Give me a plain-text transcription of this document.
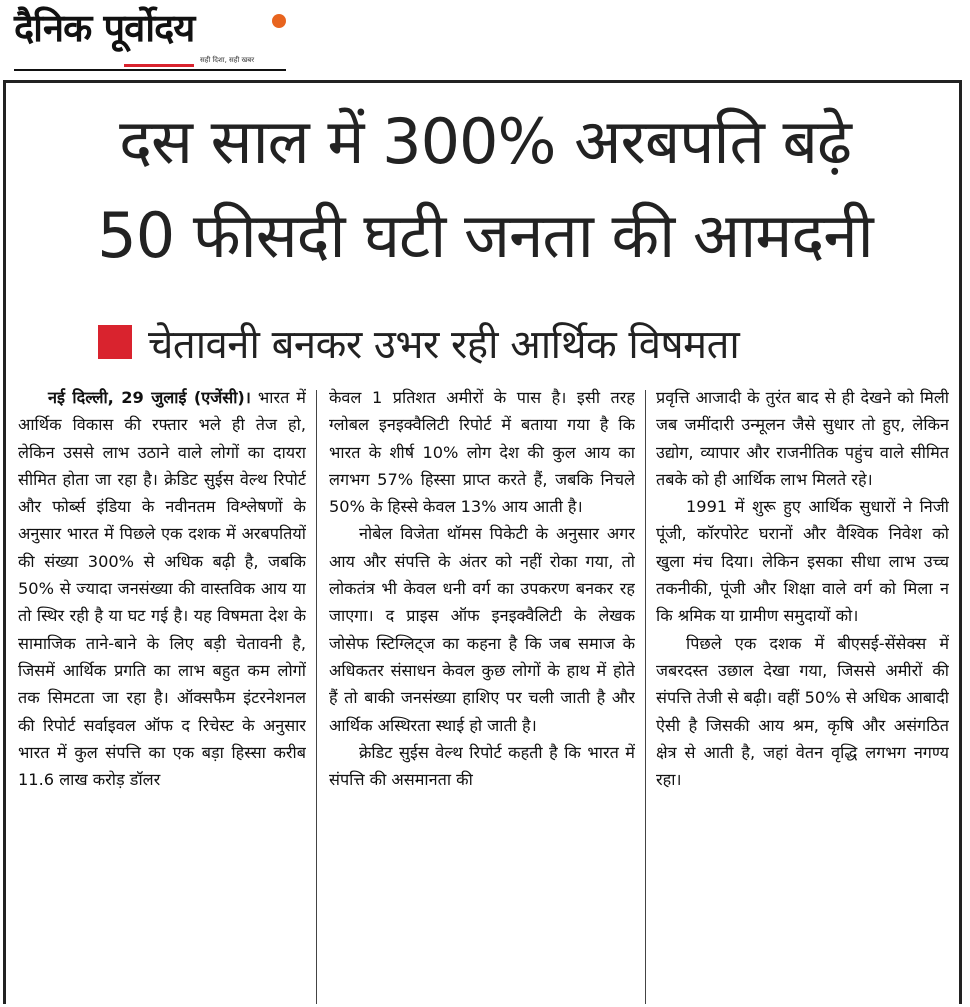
दैनिक पूर्वोदय
सही दिशा, सही खबर
दस साल में 300% अरबपति बढ़े
50 फीसदी घटी जनता की आमदनी
चेतावनी बनकर उभर रही आर्थिक विषमता

नई दिल्ली, 29 जुलाई (एजेंसी)। भारत में आर्थिक विकास की रफ्तार भले ही तेज हो, लेकिन उससे लाभ उठाने वाले लोगों का दायरा सीमित होता जा रहा है। क्रेडिट सुईस वेल्थ रिपोर्ट और फोर्ब्स इंडिया के नवीनतम विश्लेषणों के अनुसार भारत में पिछले एक दशक में अरबपतियों की संख्या 300% से अधिक बढ़ी है, जबकि 50% से ज्यादा जनसंख्या की वास्तविक आय या तो स्थिर रही है या घट गई है। यह विषमता देश के सामाजिक ताने-बाने के लिए बड़ी चेतावनी है, जिसमें आर्थिक प्रगति का लाभ बहुत कम लोगों तक सिमटता जा रहा है। ऑक्सफैम इंटरनेशनल की रिपोर्ट सर्वाइवल ऑफ द रिचेस्ट के अनुसार भारत में कुल संपत्ति का एक बड़ा हिस्सा करीब 11.6 लाख करोड़ डॉलर

केवल 1 प्रतिशत अमीरों के पास है। इसी तरह ग्लोबल इनइक्वैलिटी रिपोर्ट में बताया गया है कि भारत के शीर्ष 10% लोग देश की कुल आय का लगभग 57% हिस्सा प्राप्त करते हैं, जबकि निचले 50% के हिस्से केवल 13% आय आती है।

नोबेल विजेता थॉमस पिकेटी के अनुसार अगर आय और संपत्ति के अंतर को नहीं रोका गया, तो लोकतंत्र भी केवल धनी वर्ग का उपकरण बनकर रह जाएगा। द प्राइस ऑफ इनइक्वैलिटी के लेखक जोसेफ स्टिग्लिट्ज का कहना है कि जब समाज के अधिकतर संसाधन केवल कुछ लोगों के हाथ में होते हैं तो बाकी जनसंख्या हाशिए पर चली जाती है और आर्थिक अस्थिरता स्थाई हो जाती है।

क्रेडिट सुईस वेल्थ रिपोर्ट कहती है कि भारत में संपत्ति की असमानता की

प्रवृत्ति आजादी के तुरंत बाद से ही देखने को मिली जब जमींदारी उन्मूलन जैसे सुधार तो हुए, लेकिन उद्योग, व्यापार और राजनीतिक पहुंच वाले सीमित तबके को ही आर्थिक लाभ मिलते रहे।

1991 में शुरू हुए आर्थिक सुधारों ने निजी पूंजी, कॉरपोरेट घरानों और वैश्विक निवेश को खुला मंच दिया। लेकिन इसका सीधा लाभ उच्च तकनीकी, पूंजी और शिक्षा वाले वर्ग को मिला न कि श्रमिक या ग्रामीण समुदायों को।

पिछले एक दशक में बीएसई-सेंसेक्स में जबरदस्त उछाल देखा गया, जिससे अमीरों की संपत्ति तेजी से बढ़ी। वहीं 50% से अधिक आबादी ऐसी है जिसकी आय श्रम, कृषि और असंगठित क्षेत्र से आती है, जहां वेतन वृद्धि लगभग नगण्य रहा।
